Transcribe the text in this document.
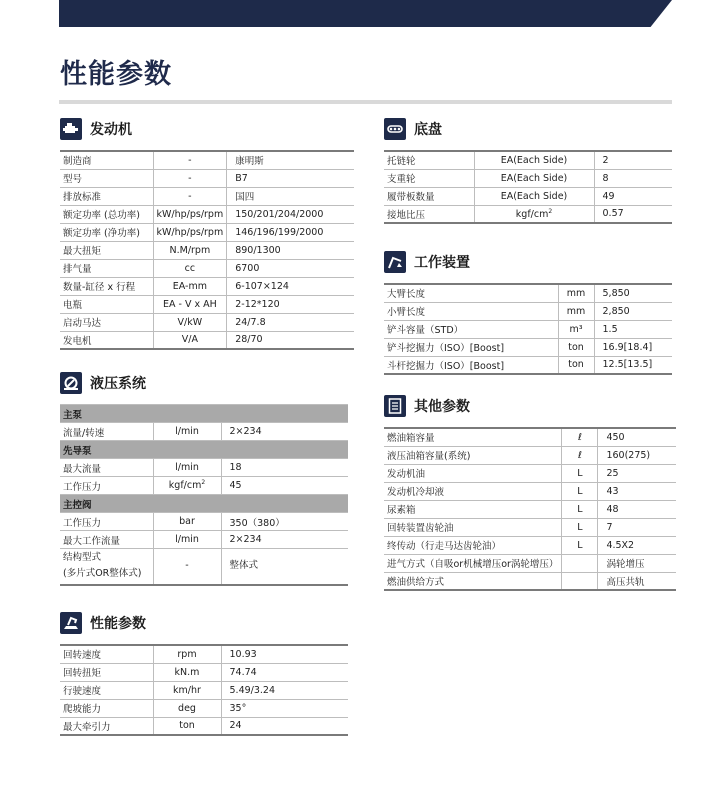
性能参数
发动机
制造商	-	康明斯
型号	-	B7
排放标准	-	国四
额定功率 (总功率)	kW/hp/ps/rpm	150/201/204/2000
额定功率 (净功率)	kW/hp/ps/rpm	146/196/199/2000
最大扭矩	N.M/rpm	890/1300
排气量	cc	6700
数量-缸径 x 行程	EA-mm	6-107×124
电瓶	EA - V x AH	2-12*120
启动马达	V/kW	24/7.8
发电机	V/A	28/70
液压系统
主泵		
流量/转速	l/min	2×234
先导泵		
最大流量	l/min	18
工作压力	kgf/$cm^2$	45
主控阀		
工作压力	bar	350（380）
最大工作流量	l/min	2×234
结构型式
(多片式OR整体式)	-	整体式
性能参数
回转速度	rpm	10.93
回转扭矩	kN.m	74.74
行驶速度	km/hr	5.49/3.24
爬坡能力	deg	35°
最大牵引力	ton	24
底盘
托链轮	EA(Each Side)	2
支重轮	EA(Each Side)	8
履带板数量	EA(Each Side)	49
接地比压	kgf/$cm^2$	0.57
工作装置
大臂长度	mm	5,850
小臂长度	mm	2,850
铲斗容量（STD）	m³	1.5
铲斗挖掘力（ISO）[Boost]	ton	16.9[18.4]
斗杆挖掘力（ISO）[Boost]	ton	12.5[13.5]
其他参数
燃油箱容量	ℓ	450
液压油箱容量(系统)	ℓ	160(275)
发动机油	L	25
发动机冷却液	L	43
尿素箱	L	48
回转装置齿轮油	L	7
终传动（行走马达齿轮油）	L	4.5X2
进气方式（自吸or机械增压or涡轮增压）		涡轮增压
燃油供给方式		高压共轨
